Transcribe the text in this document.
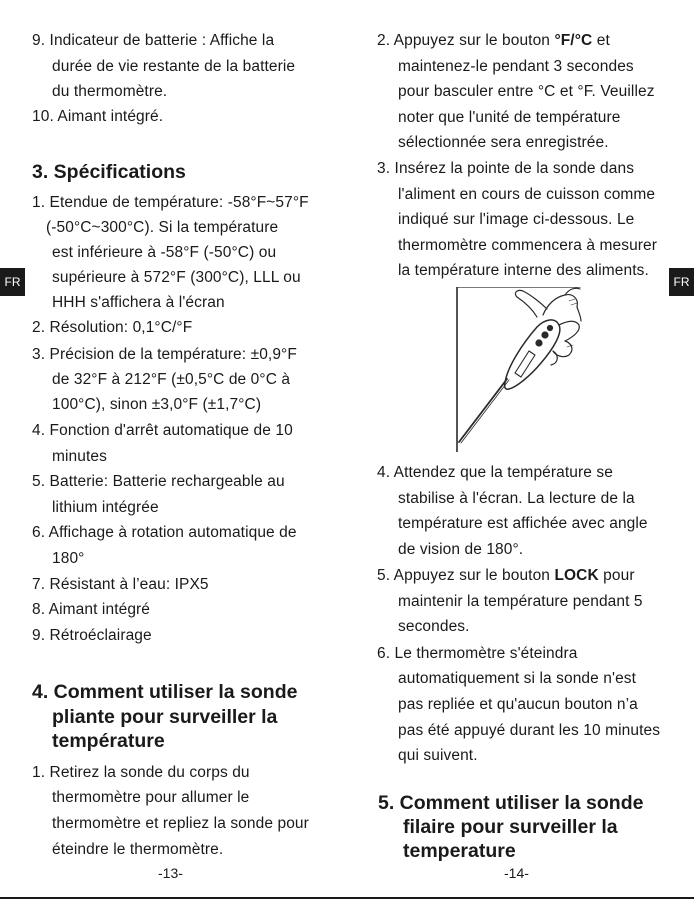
9. Indicateur de batterie : Affiche la
durée de vie restante de la batterie
du thermomètre.
10. Aimant intégré.
3. Spécifications
1. Etendue de température: -58°F~57°F
(-50°C~300°C). Si la température
est inférieure à -58°F (-50°C) ou
supérieure à 572°F (300°C), LLL ou
HHH s'affichera à l'écran
2. Résolution: 0,1°C/°F
3. Précision de la température: ±0,9°F
de 32°F à 212°F (±0,5°C de 0°C à
100°C), sinon ±3,0°F (±1,7°C)
4. Fonction d'arrêt automatique de 10
minutes
5. Batterie: Batterie rechargeable au
lithium intégrée
6. Affichage à rotation automatique de
180°
7. Résistant à l’eau: IPX5
8. Aimant intégré
9. Rétroéclairage
4. Comment utiliser la sonde
pliante pour surveiller la
température
1. Retirez la sonde du corps du
thermomètre pour allumer le
thermomètre et repliez la sonde pour
éteindre le thermomètre.
-13-
FR
2. Appuyez sur le bouton °F/°C et
maintenez-le pendant 3 secondes
pour basculer entre °C et °F. Veuillez
noter que l'unité de température
sélectionnée sera enregistrée.
3. Insérez la pointe de la sonde dans
l'aliment en cours de cuisson comme
indiqué sur l'image ci-dessous. Le
thermomètre commencera à mesurer
la température interne des aliments.
4. Attendez que la température se
stabilise à l'écran. La lecture de la
température est affichée avec angle
de vision de 180°.
5. Appuyez sur le bouton LOCK pour
maintenir la température pendant 5
secondes.
6. Le thermomètre s'éteindra
automatiquement si la sonde n'est
pas repliée et qu'aucun bouton n’a
pas été appuyé durant les 10 minutes
qui suivent.
5. Comment utiliser la sonde
filaire pour surveiller la
temperature
-14-
FR
